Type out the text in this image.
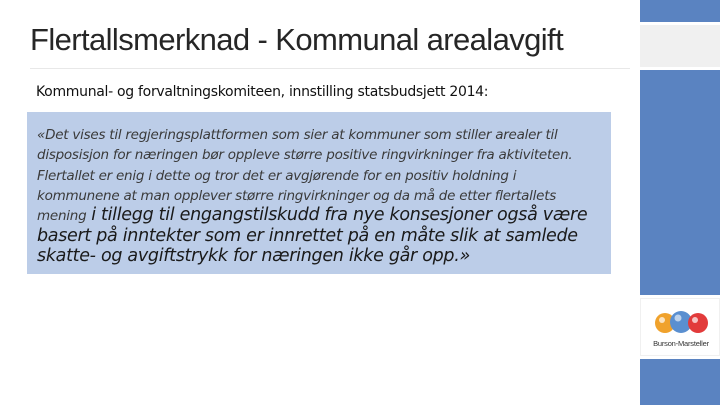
Flertallsmerknad - Kommunal arealavgift
Kommunal- og forvaltningskomiteen, innstilling statsbudsjett 2014:
«Det vises til regjeringsplattformen som sier at kommuner som stiller arealer til disposisjon for næringen bør oppleve større positive ringvirkninger fra aktiviteten. Flertallet er enig i dette og tror det er avgjørende for en positiv holdning i kommunene at man opplever større ringvirkninger og da må de etter flertallets mening i tillegg til engangstilskudd fra nye konsesjoner også være basert på inntekter som er innrettet på en måte slik at samlede skatte- og avgiftstrykk for næringen ikke går opp.»
Burson-Marsteller
